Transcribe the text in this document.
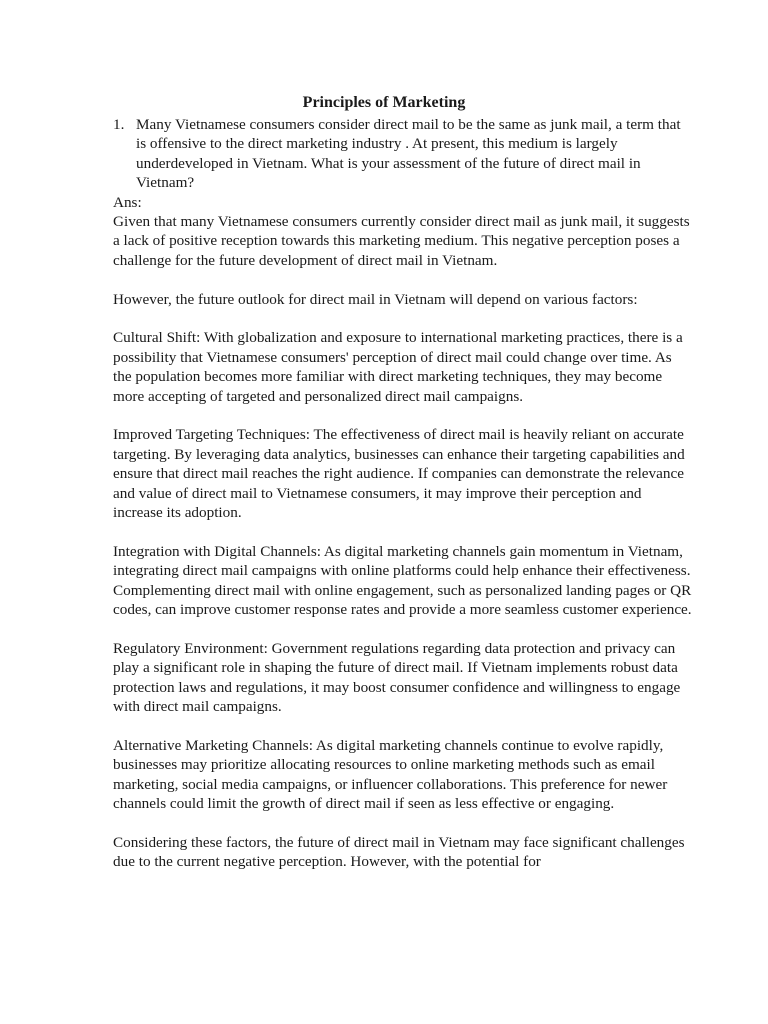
Principles of Marketing
1. Many Vietnamese consumers consider direct mail to be the same as junk mail, a term that is offensive to the direct marketing industry . At present, this medium is largely underdeveloped in Vietnam. What is your assessment of the future of direct mail in Vietnam?

Ans:

Given that many Vietnamese consumers currently consider direct mail as junk mail, it suggests a lack of positive reception towards this marketing medium. This negative perception poses a challenge for the future development of direct mail in Vietnam.

However, the future outlook for direct mail in Vietnam will depend on various factors:

Cultural Shift: With globalization and exposure to international marketing practices, there is a possibility that Vietnamese consumers' perception of direct mail could change over time. As the population becomes more familiar with direct marketing techniques, they may become more accepting of targeted and personalized direct mail campaigns.

Improved Targeting Techniques: The effectiveness of direct mail is heavily reliant on accurate targeting. By leveraging data analytics, businesses can enhance their targeting capabilities and ensure that direct mail reaches the right audience. If companies can demonstrate the relevance and value of direct mail to Vietnamese consumers, it may improve their perception and increase its adoption.

Integration with Digital Channels: As digital marketing channels gain momentum in Vietnam, integrating direct mail campaigns with online platforms could help enhance their effectiveness. Complementing direct mail with online engagement, such as personalized landing pages or QR codes, can improve customer response rates and provide a more seamless customer experience.

Regulatory Environment: Government regulations regarding data protection and privacy can play a significant role in shaping the future of direct mail. If Vietnam implements robust data protection laws and regulations, it may boost consumer confidence and willingness to engage with direct mail campaigns.

Alternative Marketing Channels: As digital marketing channels continue to evolve rapidly, businesses may prioritize allocating resources to online marketing methods such as email marketing, social media campaigns, or influencer collaborations. This preference for newer channels could limit the growth of direct mail if seen as less effective or engaging.

Considering these factors, the future of direct mail in Vietnam may face significant challenges due to the current negative perception. However, with the potential for
